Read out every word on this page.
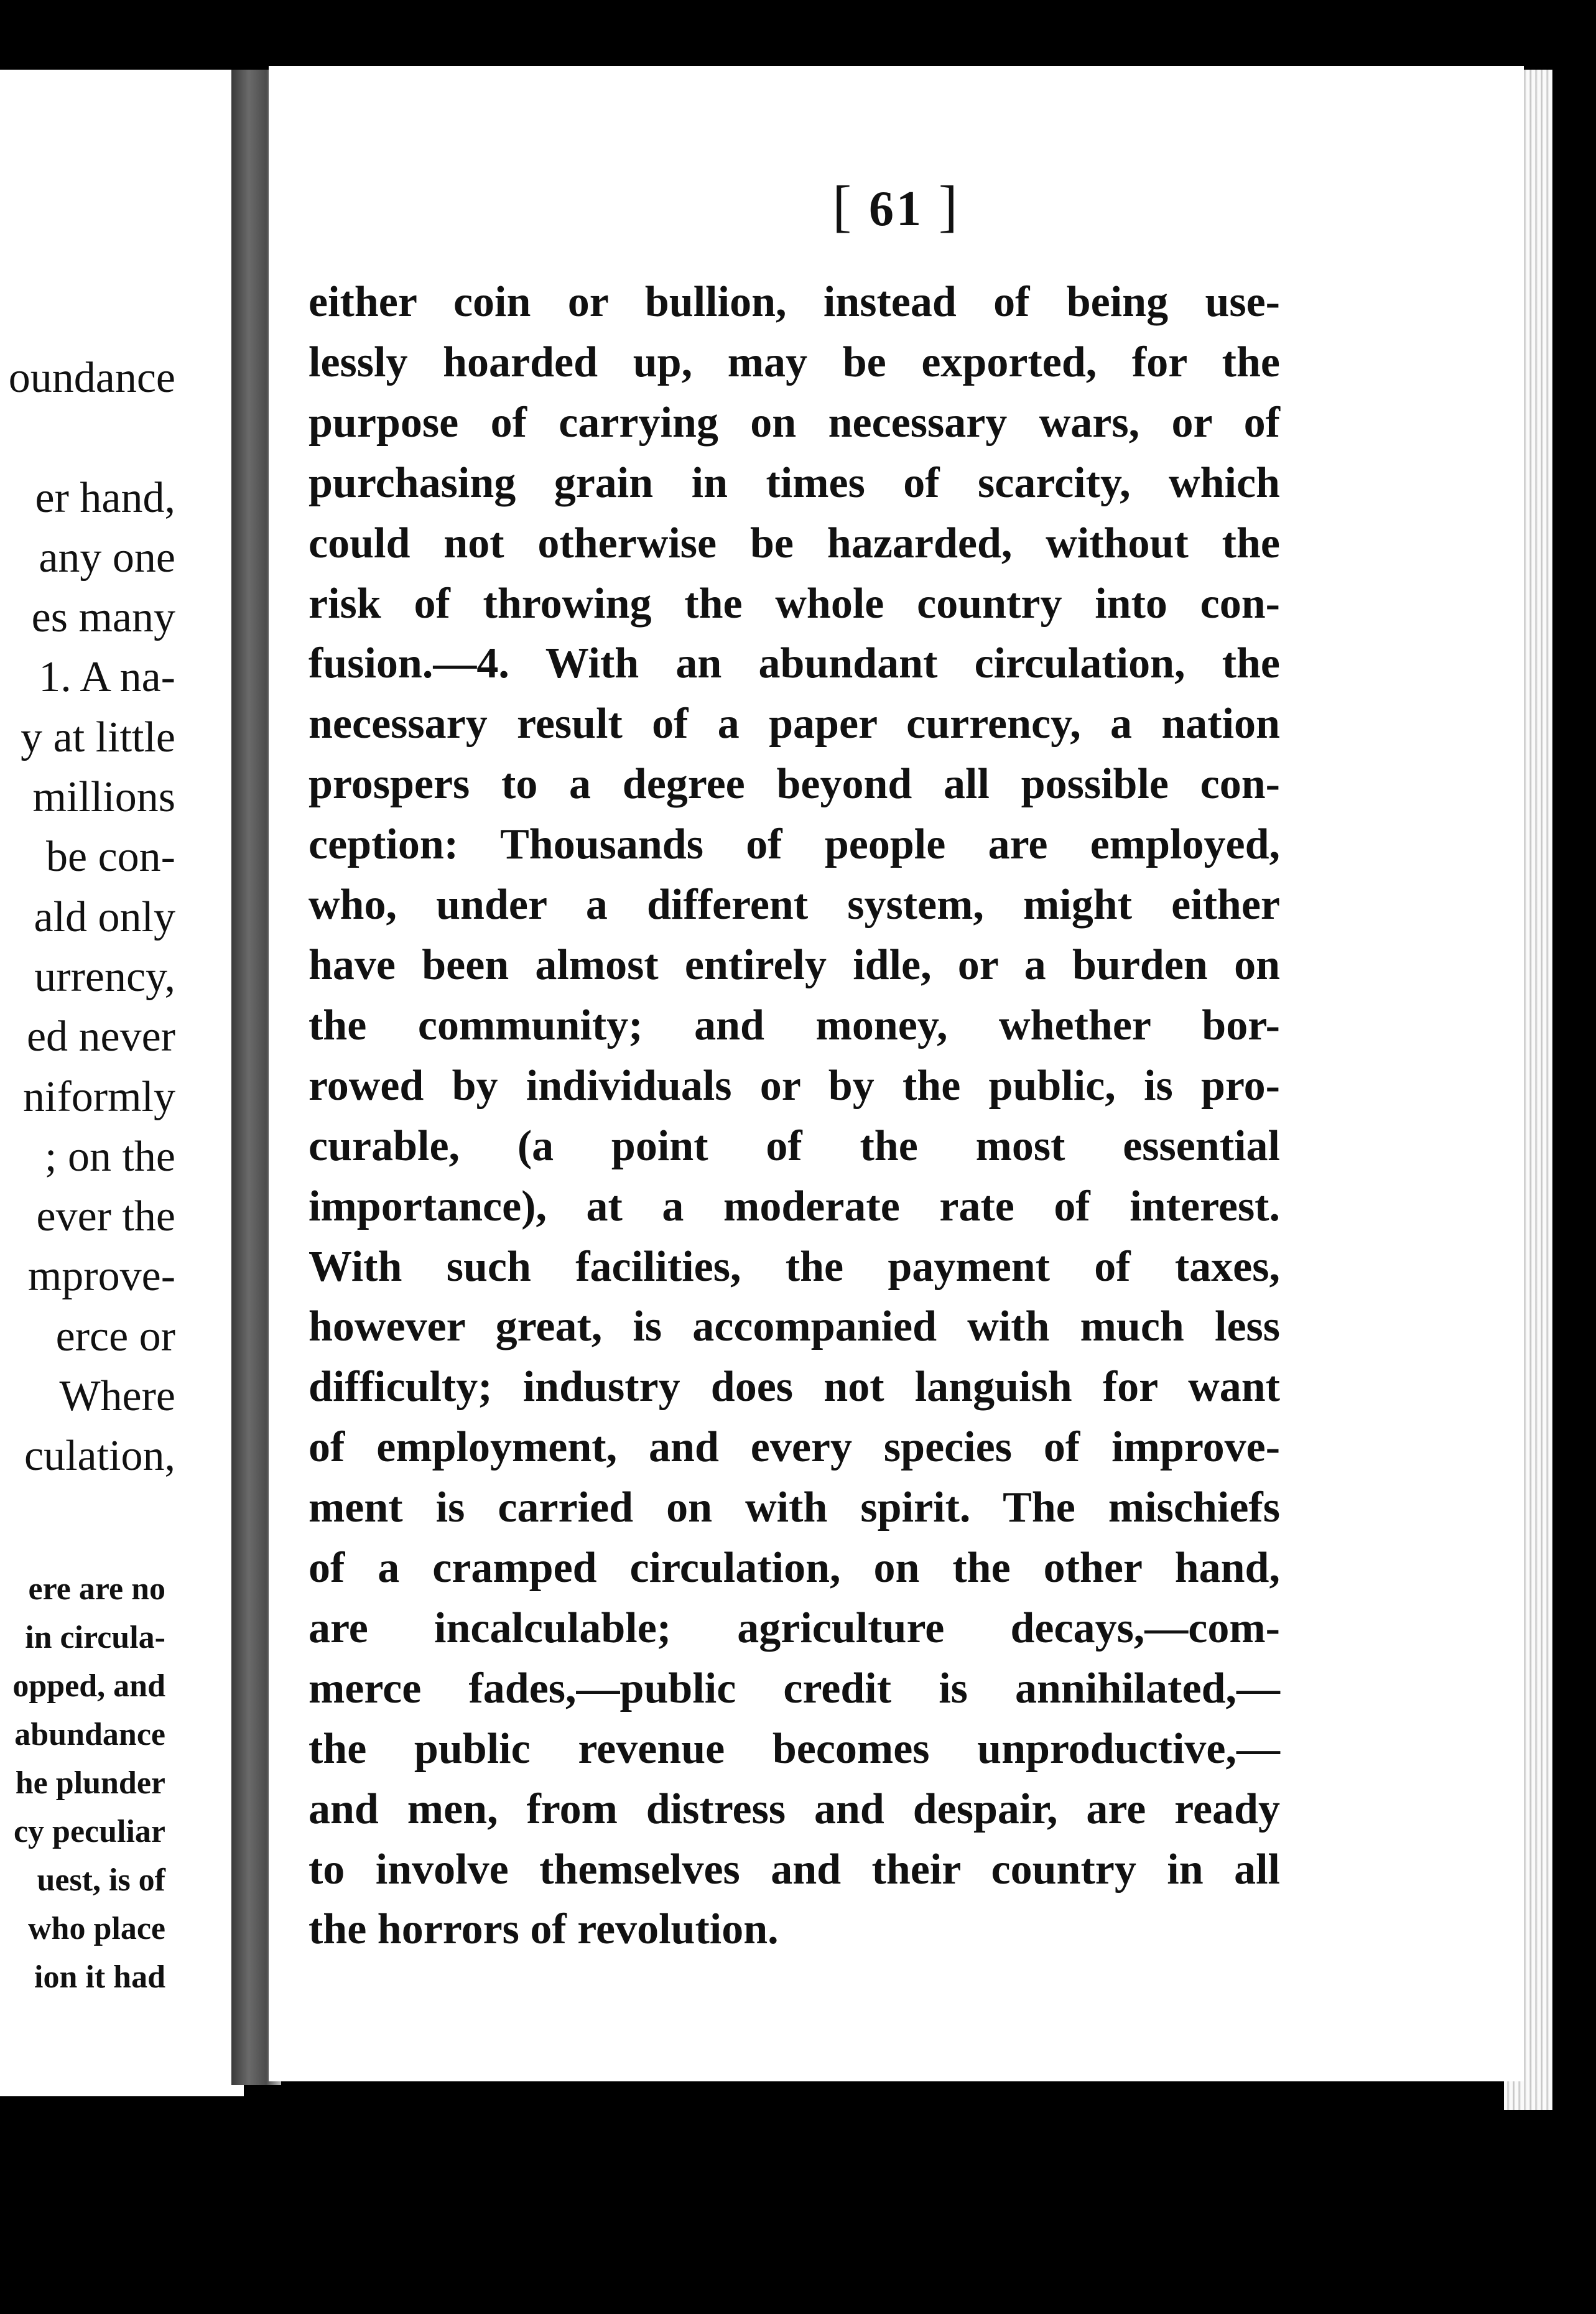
oundance

er hand,
any one
es many
1. A na-
y at little
millions
be con-
ald only
urrency,
ed never
niformly
; on the
ever the
mprove-
erce or
Where
culation,
ere are no
in circula-
opped, and
abundance
he plunder
cy peculiar
uest, is of
who place
ion it had
[ 61 ]
either coin or bullion, instead of being use-
lessly hoarded up, may be exported, for the
purpose of carrying on necessary wars, or of
purchasing grain in times of scarcity, which
could not otherwise be hazarded, without the
risk of throwing the whole country into con-
fusion.—4. With an abundant circulation, the
necessary result of a paper currency, a nation
prospers to a degree beyond all possible con-
ception: Thousands of people are employed,
who, under a different system, might either
have been almost entirely idle, or a burden on
the community; and money, whether bor-
rowed by individuals or by the public, is pro-
curable, (a point of the most essential
importance), at a moderate rate of interest.
With such facilities, the payment of taxes,
however great, is accompanied with much less
difficulty; industry does not languish for want
of employment, and every species of improve-
ment is carried on with spirit. The mischiefs
of a cramped circulation, on the other hand,
are incalculable; agriculture decays,—com-
merce fades,—public credit is annihilated,—
the public revenue becomes unproductive,—
and men, from distress and despair, are ready
to involve themselves and their country in all
the horrors of revolution.
